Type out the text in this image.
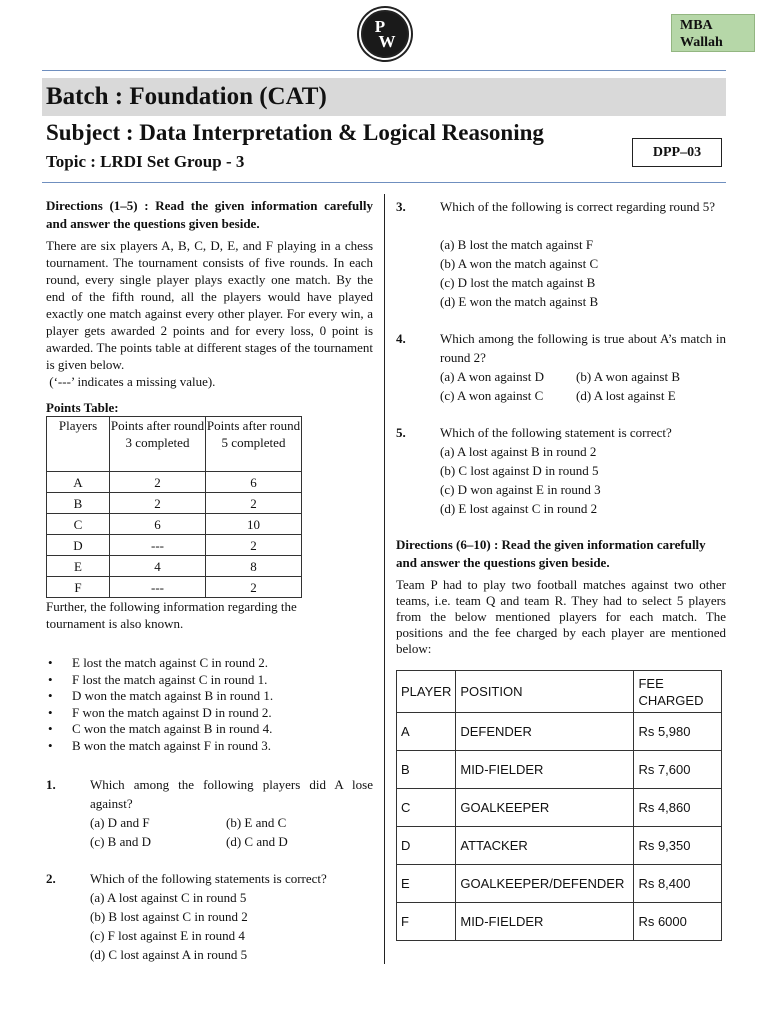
P
W
MBA
Wallah
Batch : Foundation (CAT)
Subject : Data Interpretation & Logical Reasoning
Topic : LRDI Set Group - 3	DPP–03
Directions (1–5) : Read the given information carefully and answer the questions given beside.
There are six players A, B, C, D, E, and F playing in a chess tournament. The tournament consists of five rounds. In each round, every single player plays exactly one match. By the end of the fifth round, all the players would have played exactly one match against every other player. For every win, a player gets awarded 2 points and for every loss, 0 point is awarded. The points table at different stages of the tournament is given below.
(‘---’ indicates a missing value).
Points Table:
Players	Points after round 3 completed	Points after round 5 completed
A	2	6
B	2	2
C	6	10
D	---	2
E	4	8
F	---	2
Further, the following information regarding the tournament is also known.
• E lost the match against C in round 2.
• F lost the match against C in round 1.
• D won the match against B in round 1.
• F won the match against D in round 2.
• C won the match against B in round 4.
• B won the match against F in round 3.
1.	Which among the following players did A lose against?
(a) D and F	(b) E and C
(c) B and D	(d) C and D
2.	Which of the following statements is correct?
(a) A lost against C in round 5
(b) B lost against C in round 2
(c) F lost against E in round 4
(d) C lost against A in round 5
3.	Which of the following is correct regarding round 5?
(a) B lost the match against F
(b) A won the match against C
(c) D lost the match against B
(d) E won the match against B
4.	Which among the following is true about A’s match in round 2?
(a) A won against D (b) A won against B
(c) A won against C	(d) A lost against E
5.	Which of the following statement is correct?
(a) A lost against B in round 2
(b) C lost against D in round 5
(c) D won against E in round 3
(d) E lost against C in round 2
Directions (6–10) : Read the given information carefully and answer the questions given beside.
Team P had to play two football matches against two other teams, i.e. team Q and team R. They had to select 5 players from the below mentioned players for each match. The positions and the fee charged by each player are mentioned below:
PLAYER	POSITION	FEE CHARGED
A	DEFENDER	Rs 5,980
B	MID-FIELDER	Rs 7,600
C	GOALKEEPER	Rs 4,860
D	ATTACKER	Rs 9,350
E	GOALKEEPER/DEFENDER	Rs 8,400
F	MID-FIELDER	Rs 6000
